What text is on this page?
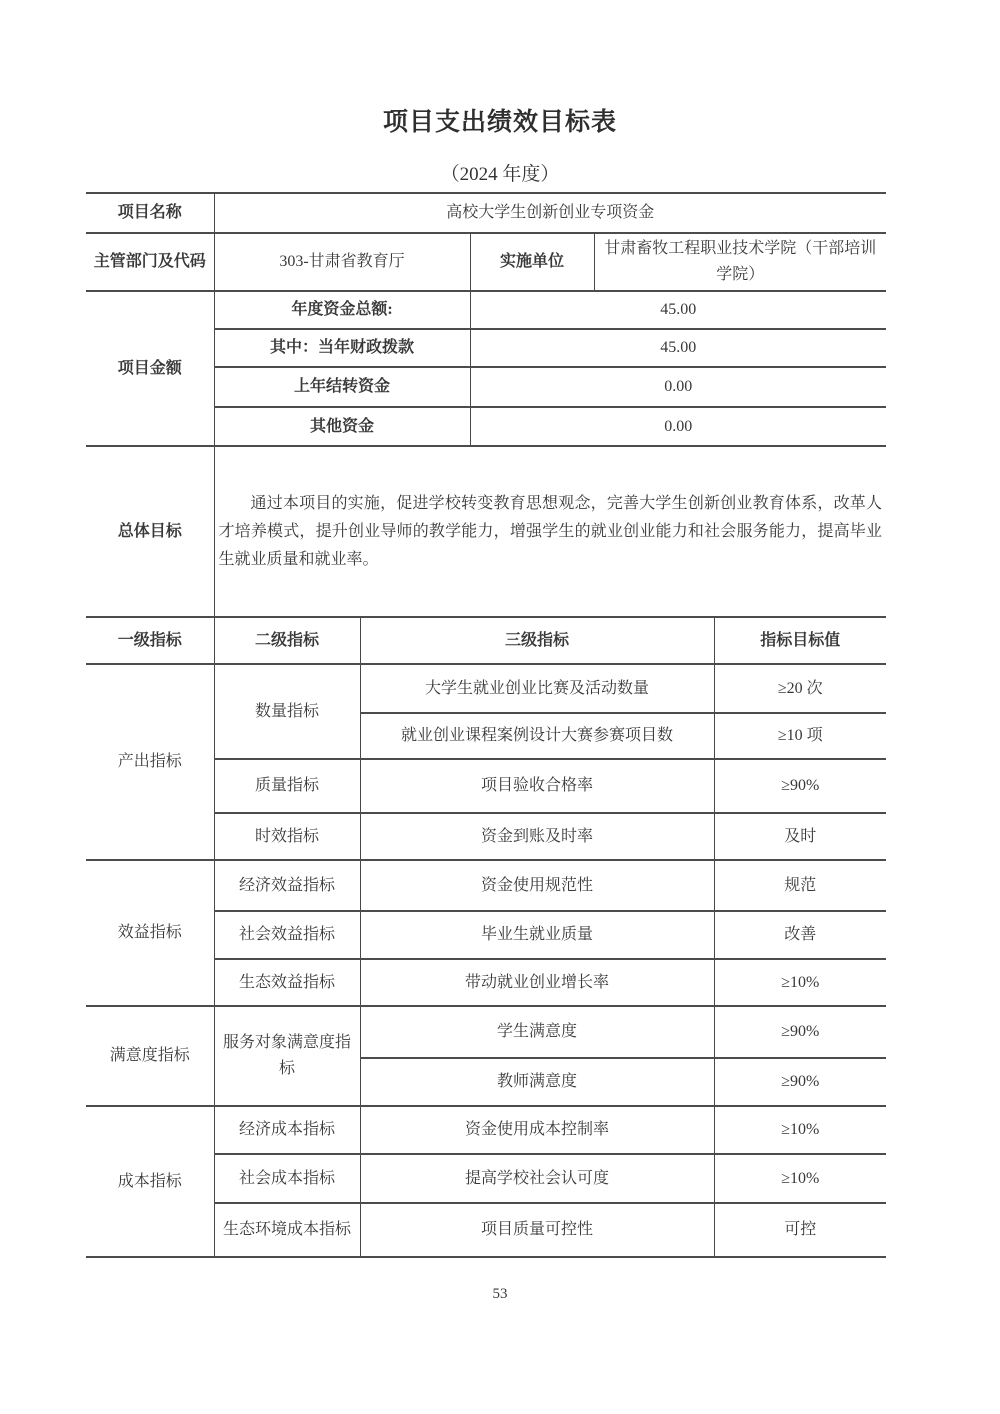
项目支出绩效目标表
（2024 年度）
项目名称	高校大学生创新创业专项资金		
主管部门及代码	303-甘肃省教育厅	实施单位	甘肃畜牧工程职业技术学院（干部培训学院）
项目金额	年度资金总额:	45.00
	其中：当年财政拨款	45.00
	上年结转资金	0.00
	其他资金	0.00
总体目标	

通过本项目的实施，促进学校转变教育思想观念，完善大学生创新创业教育体系，改革人才培养模式，提升创业导师的教学能力，增强学生的就业创业能力和社会服务能力，提高毕业生就业质量和就业率。

一级指标	二级指标	三级指标	指标目标值
产出指标	数量指标	大学生就业创业比赛及活动数量	≥20 次
		就业创业课程案例设计大赛参赛项目数	≥10 项
	质量指标	项目验收合格率	≥90%
	时效指标	资金到账及时率	及时
效益指标	经济效益指标	资金使用规范性	规范
	社会效益指标	毕业生就业质量	改善
	生态效益指标	带动就业创业增长率	≥10%
满意度指标	服务对象满意度指标	学生满意度	≥90%
		教师满意度	≥90%
成本指标	经济成本指标	资金使用成本控制率	≥10%
	社会成本指标	提高学校社会认可度	≥10%
	生态环境成本指标	项目质量可控性	可控
53
